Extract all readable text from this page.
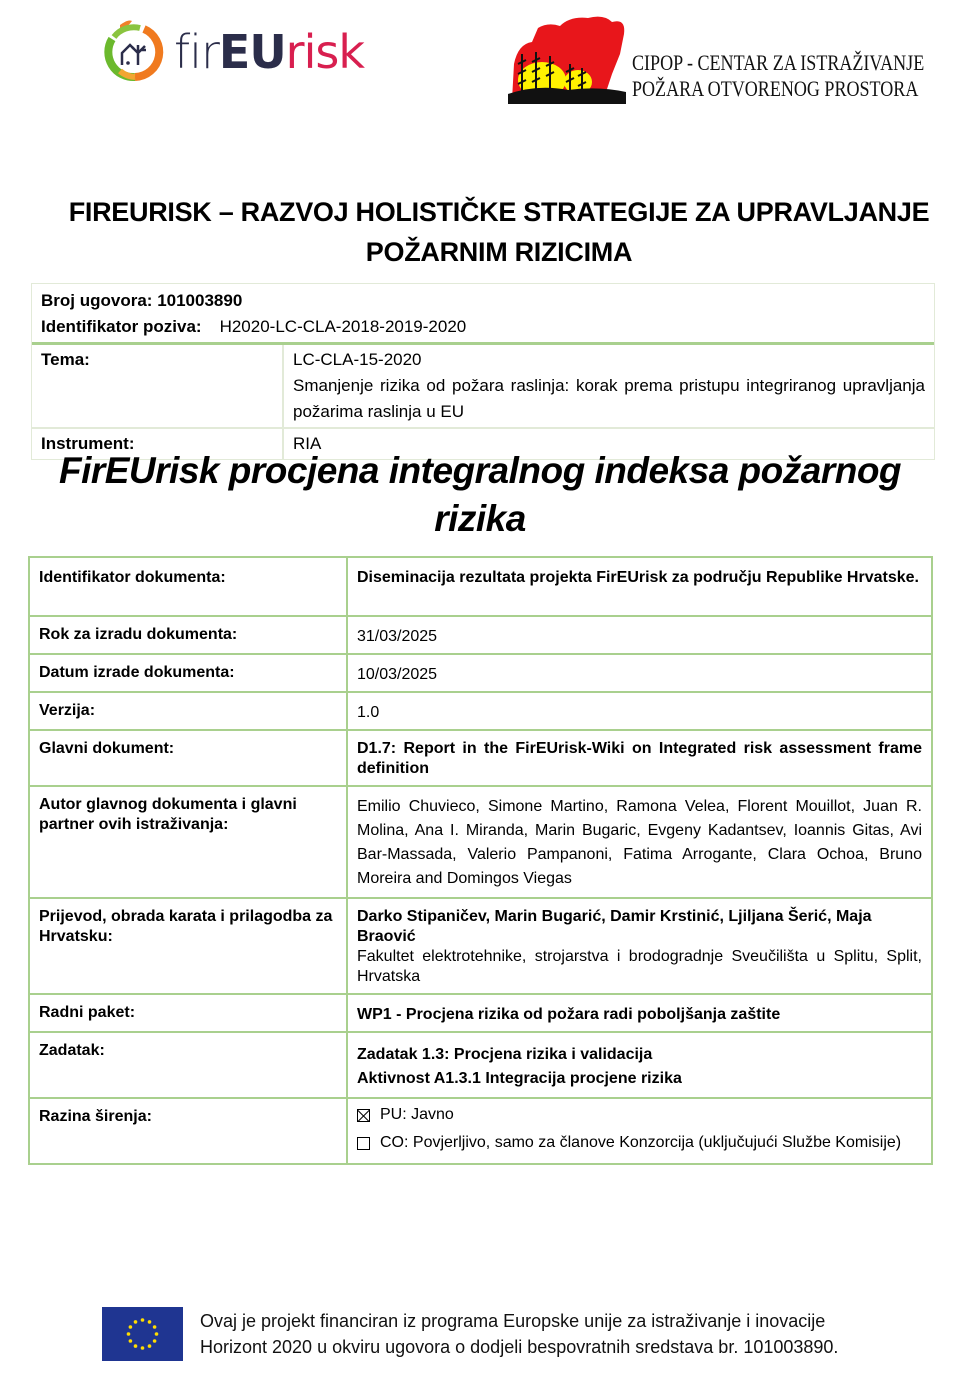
firEUrisk	CIPOP - CENTAR ZA ISTRAŽIVANJE
POŽARA OTVORENOG PROSTORA
FIREURISK – RAZVOJ HOLISTIČKE STRATEGIJE ZA UPRAVLJANJE
POŽARNIM RIZICIMA
Broj ugovora: 101003890
Identifikator poziva: H2020-LC-CLA-2018-2019-2020
Tema:	LC-CLA-15-2020
Smanjenje rizika od požara raslinja: korak prema pristupu integriranog upravljanja požarima raslinja u EU
Instrument:	RIA
FirEUrisk procjena integralnog indeksa požarnog
rizika
Identifikator dokumenta:	Diseminacija rezultata projekta FirEUrisk za području Republike Hrvatske.
Rok za izradu dokumenta:	31/03/2025
Datum izrade dokumenta:	10/03/2025
Verzija:	1.0
Glavni dokument:	D1.7: Report in the FirEUrisk-Wiki on Integrated risk assessment frame definition
Autor glavnog dokumenta i glavni partner ovih istraživanja:	Emilio Chuvieco, Simone Martino, Ramona Velea, Florent Mouillot, Juan R. Molina, Ana I. Miranda, Marin Bugaric, Evgeny Kadantsev, Ioannis Gitas, Avi Bar-Massada, Valerio Pampanoni, Fatima Arrogante, Clara Ochoa, Bruno Moreira and Domingos Viegas
Prijevod, obrada karata i prilagodba za Hrvatsku:	Darko Stipaničev, Marin Bugarić, Damir Krstinić, Ljiljana Šerić, Maja Braović
Fakultet elektrotehnike, strojarstva i brodogradnje Sveučilišta u Splitu, Split, Hrvatska

Radni paket:	WP1 - Procjena rizika od požara radi poboljšanja zaštite
Zadatak:	Zadatak 1.3: Procjena rizika i validacija
Aktivnost A1.3.1 Integracija procjene rizika

Razina širenja:	PU: Javno
CO: Povjerljivo, samo za članove Konzorcija (uključujući Službe Komisije)
Ovaj je projekt financiran iz programa Europske unije za istraživanje i inovacije
Horizont 2020 u okviru ugovora o dodjeli bespovratnih sredstava br. 101003890.
